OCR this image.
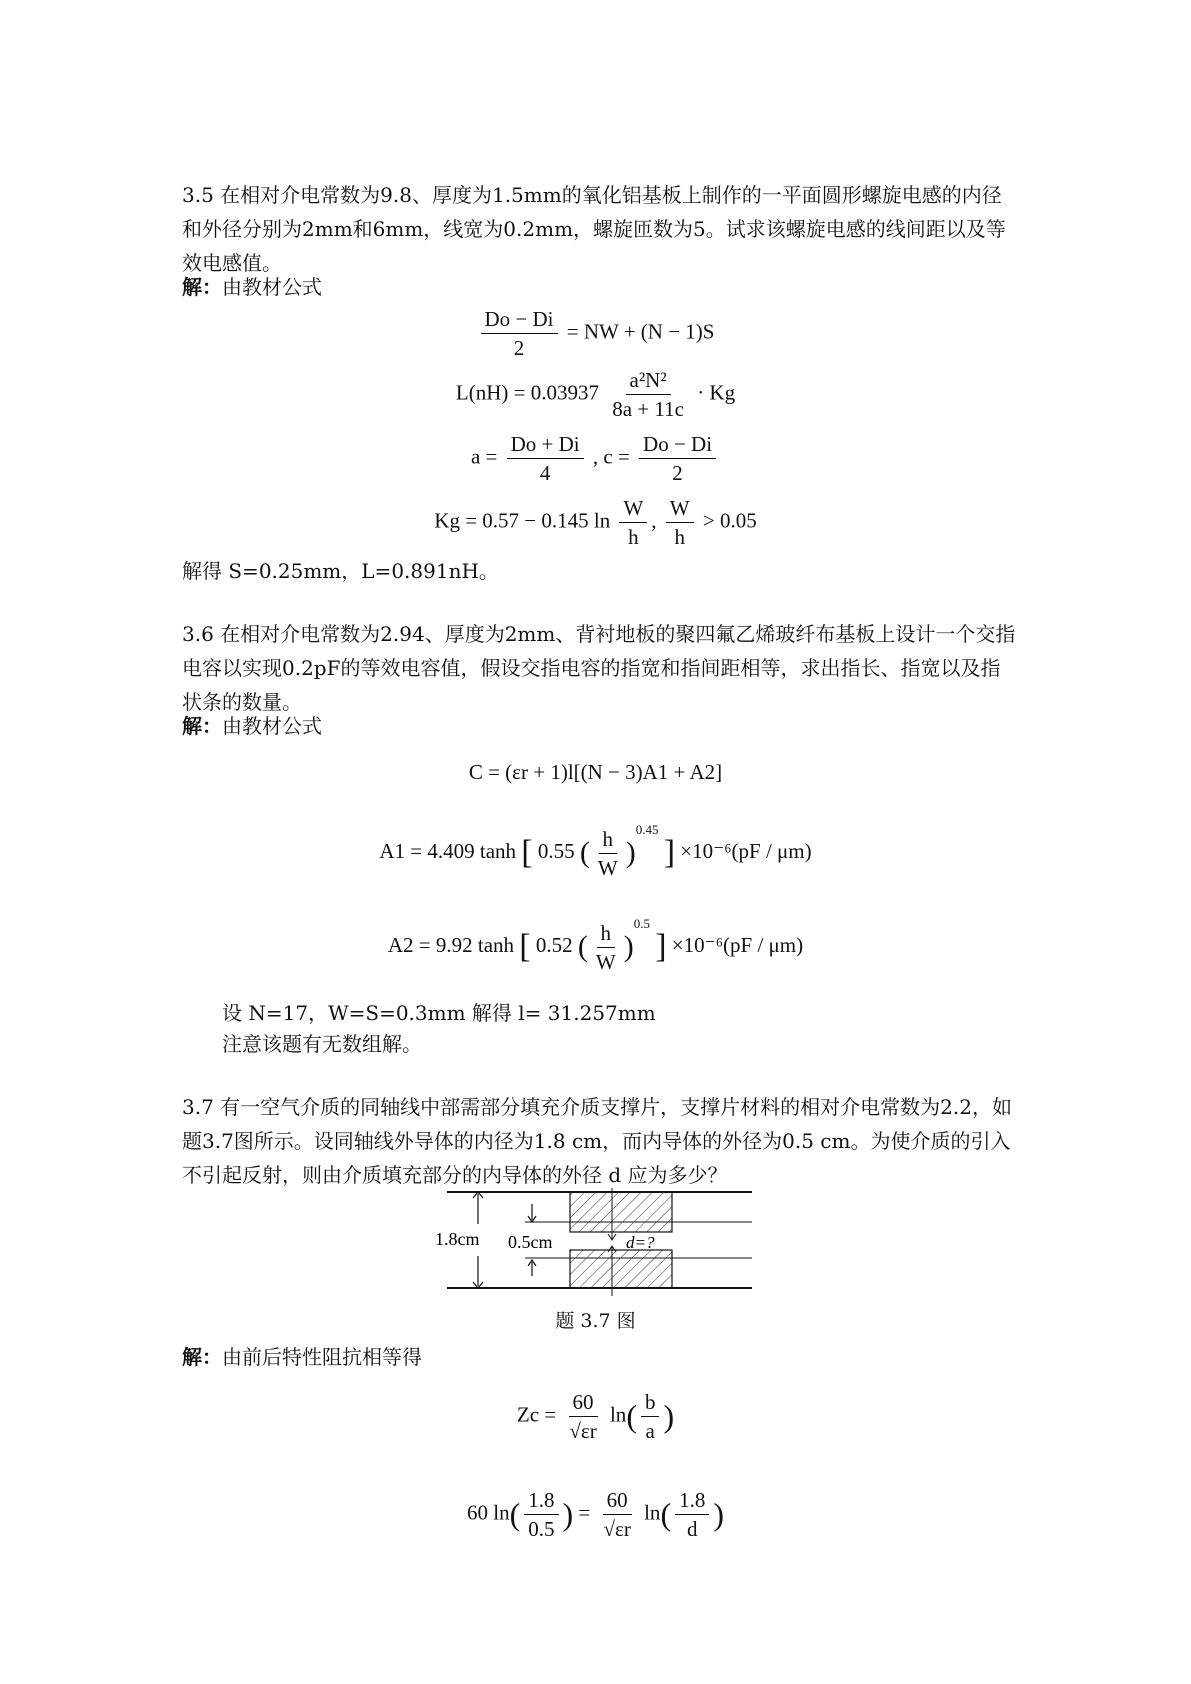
3.5 在相对介电常数为9.8、厚度为1.5mm的氧化铝基板上制作的一平面圆形螺旋电感的内径和外径分别为2mm和6mm，线宽为0.2mm，螺旋匝数为5。试求该螺旋电感的线间距以及等效电感值。

解：由教材公式
$\frac{Do - Di}{2}$ = NW + (N − 1)S
$L(nH) = 0.03937 \frac{\text{a²N²}}{8a + 11c} \cdot Kg$
$a = \frac{Do + Di}{4}$ , $c = \frac{Do - Di}{2}$
Kg = 0.57 − 0.145 $\ln \frac{W}{h}$ , $\frac{W}{h} > 0.05$
解得 S=0.25mm，L=0.891nH。

3.6 在相对介电常数为2.94、厚度为2mm、背衬地板的聚四氟乙烯玻纤布基板上设计一个交指电容以实现0.2pF的等效电容值，假设交指电容的指宽和指间距相等，求出指长、指宽以及指状条的数量。

解：由教材公式
C = (εr + 1)l[(N − 3)A1 + A2]
A1 = 4.409 tanh [ 0.55 ( $\frac{h}{W} )^{0.45}$ ] ×10⁻⁶(pF / μm)
A2 = 9.92 tanh [ 0.52 ( $\frac{h}{W} )^{0.5}$ ] ×10⁻⁶(pF / μm)
设 N=17，W=S=0.3mm 解得 l= 31.257mm
注意该题有无数组解。

3.7 有一空气介质的同轴线中部需部分填充介质支撑片，支撑片材料的相对介电常数为2.2，如题3.7图所示。设同轴线外导体的内径为1.8 cm，而内导体的外径为0.5 cm。为使介质的引入不引起反射，则由介质填充部分的内导体的外径 d 应为多少？

1.8cm 0.5cm	d=?
题 3.7 图
解：由前后特性阻抗相等得
$Zc = \frac{60}{√\varepsilon r} \ln( \frac{b}{a}$ )
60 $\ln( \frac{1.8}{0.5}$ ) = $\frac{60}{√\varepsilon r} \ln( \frac{1.8}{d}$ )
